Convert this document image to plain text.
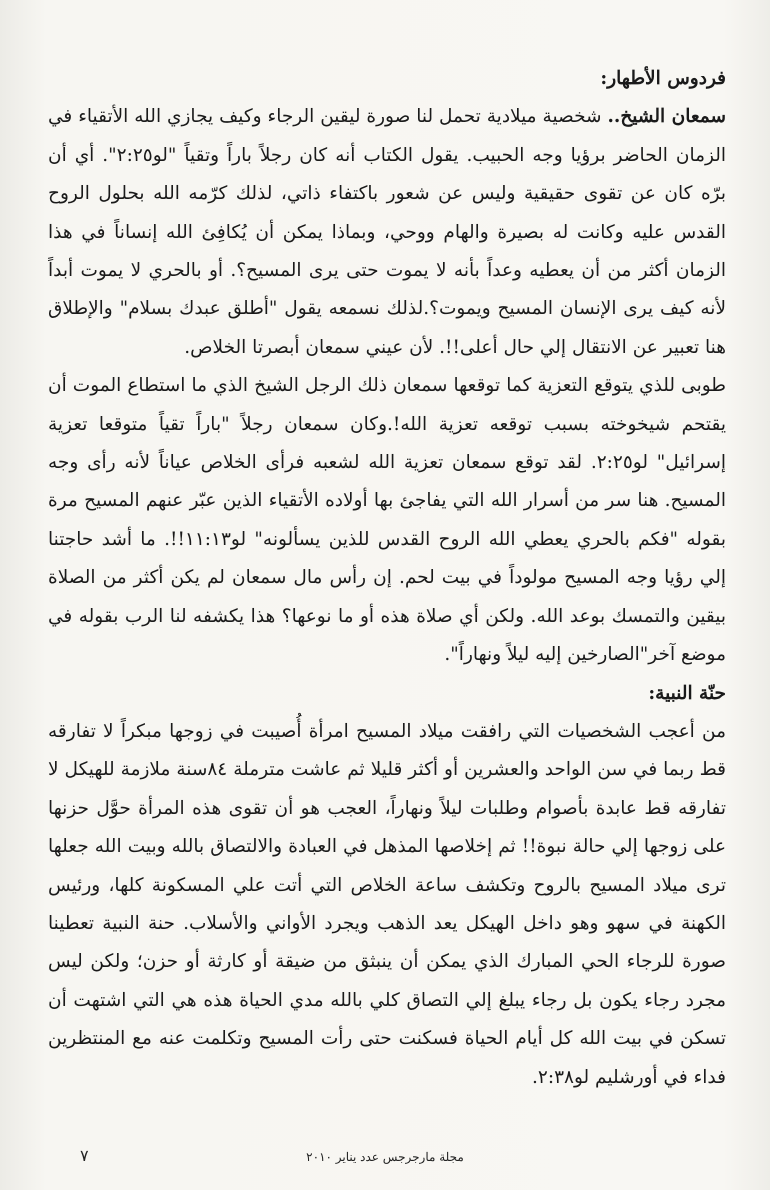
فردوس الأطهار:

سمعان الشيخ.. شخصية ميلادية تحمل لنا صورة ليقين الرجاء وكيف يجازي الله الأتقياء في الزمان الحاضر برؤيا وجه الحبيب. يقول الكتاب أنه كان رجلاً باراً وتقياً "لو٢:٢٥". أي أن برّه كان عن تقوى حقيقية وليس عن شعور باكتفاء ذاتي، لذلك كرّمه الله بحلول الروح القدس عليه وكانت له بصيرة والهام ووحي، وبماذا يمكن أن يُكافِئ الله إنساناً في هذا الزمان أكثر من أن يعطيه وعداً بأنه لا يموت حتى يرى المسيح؟. أو بالحري لا يموت أبداً لأنه كيف يرى الإنسان المسيح ويموت؟.لذلك نسمعه يقول "أطلق عبدك بسلام" والإطلاق هنا تعبير عن الانتقال إلي حال أعلى!!. لأن عيني سمعان أبصرتا الخلاص.

طوبى للذي يتوقع التعزية كما توقعها سمعان ذلك الرجل الشيخ الذي ما استطاع الموت أن يقتحم شيخوخته بسبب توقعه تعزية الله!.وكان سمعان رجلاً "باراً تقياً متوقعا تعزية إسرائيل" لو٢:٢٥. لقد توقع سمعان تعزية الله لشعبه فرأى الخلاص عياناً لأنه رأى وجه المسيح. هنا سر من أسرار الله التي يفاجئ بها أولاده الأتقياء الذين عبّر عنهم المسيح مرة بقوله "فكم بالحري يعطي الله الروح القدس للذين يسألونه" لو١١:١٣!!. ما أشد حاجتنا إلي رؤيا وجه المسيح مولوداً في بيت لحم. إن رأس مال سمعان لم يكن أكثر من الصلاة بيقين والتمسك بوعد الله. ولكن أي صلاة هذه أو ما نوعها؟ هذا يكشفه لنا الرب بقوله في موضع آخر"الصارخين إليه ليلاً ونهاراً".

حنّة النبية:

من أعجب الشخصيات التي رافقت ميلاد المسيح امرأة أُصيبت في زوجها مبكراً لا تفارقه قط ربما في سن الواحد والعشرين أو أكثر قليلا ثم عاشت مترملة ٨٤سنة ملازمة للهيكل لا تفارقه قط عابدة بأصوام وطلبات ليلاً ونهاراً، العجب هو أن تقوى هذه المرأة حوَّل حزنها على زوجها إلي حالة نبوة!! ثم إخلاصها المذهل في العبادة والالتصاق بالله وبيت الله جعلها ترى ميلاد المسيح بالروح وتكشف ساعة الخلاص التي أتت علي المسكونة كلها، ورئيس الكهنة في سهو وهو داخل الهيكل يعد الذهب ويجرد الأواني والأسلاب. حنة النبية تعطينا صورة للرجاء الحي المبارك الذي يمكن أن ينبثق من ضيقة أو كارثة أو حزن؛ ولكن ليس مجرد رجاء يكون بل رجاء يبلغ إلي التصاق كلي بالله مدي الحياة هذه هي التي اشتهت أن تسكن في بيت الله كل أيام الحياة فسكنت حتى رأت المسيح وتكلمت عنه مع المنتظرين فداء في أورشليم لو٢:٣٨.

مجلة مارجرجس عدد يناير ٢٠١٠
٧
